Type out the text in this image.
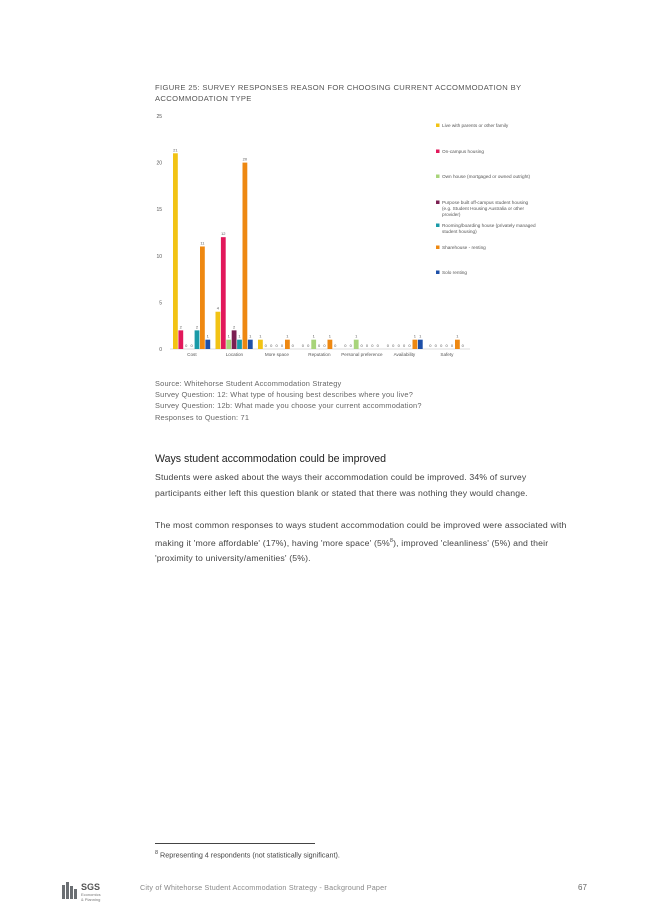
FIGURE 25: SURVEY RESPONSES REASON FOR CHOOSING CURRENT ACCOMMODATION BY ACCOMMODATION TYPE
0
5
10
15
20
25
21
2
0 0
2
11
1
Cost
4
12
1
2
1
20
1
Location
1
0 0 0 0
1
0
More space
0 0
1
0 0
1
0
Reputation
0 0
1
0 0 0 0
Personal preference
0 0 0 0 0
1 1
Availability
0 0 0 0 0
1
0
Safety
Live with parents or other family
On-campus housing
Own house (mortgaged or owned outright)
Purpose built off-campus student housing (e.g. Student Housing Australia or other provider)
Rooming/boarding house (privately managed student housing)
Sharehouse - renting
Solo renting
Source: Whitehorse Student Accommodation Strategy
Survey Question: 12: What type of housing best describes where you live?
Survey Question: 12b: What made you choose your current accommodation?
Responses to Question: 71
Ways student accommodation could be improved
Students were asked about the ways their accommodation could be improved. 34% of survey participants either left this question blank or stated that there was nothing they would change.
The most common responses to ways student accommodation could be improved were associated with making it 'more affordable' (17%), having 'more space' (5%$^8$), improved 'cleanliness' (5%) and their 'proximity to university/amenities' (5%).
$^8$ Representing 4 respondents (not statistically significant).
SGS
Economics
& Planning
City of Whitehorse Student Accommodation Strategy - Background Paper	67
